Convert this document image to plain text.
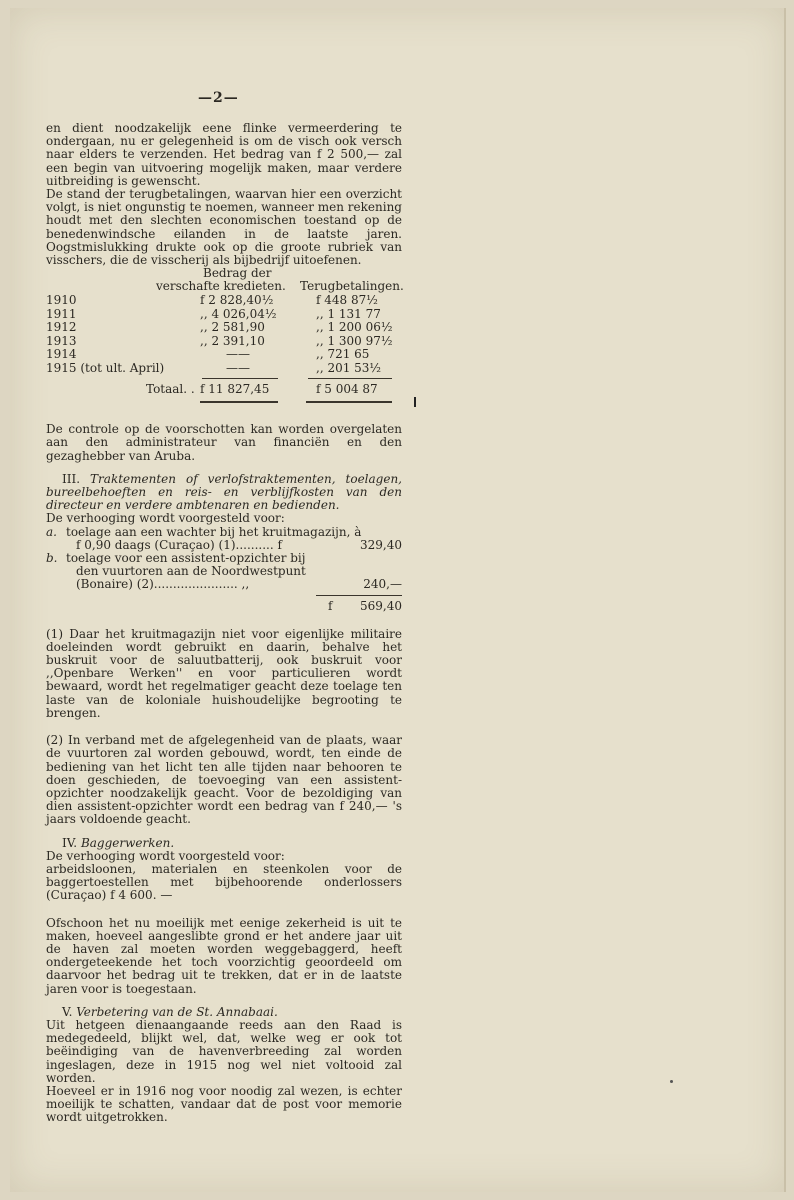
—2—

en dient noodzakelijk eene flinke vermeerdering te ondergaan, nu er gelegenheid is om de visch ook versch naar elders te verzenden. Het bedrag van f 2 500,— zal een begin van uitvoering mogelijk maken, maar verdere uitbreiding is gewenscht.

De stand der terugbetalingen, waarvan hier een overzicht volgt, is niet ongunstig te noemen, wanneer men rekening houdt met den slechten economischen toestand op de benedenwindsche eilanden in de laatste jaren. Oogstmislukking drukte ook op die groote rubriek van visschers, die de visscherij als bijbedrijf uitoefenen.

Bedrag der
verschafte kredieten. Terugbetalingen.
1910	f 2 828,40½	f 448 87½
1911	,, 4 026,04½	,, 1 131 77
1912	,, 2 581,90	,, 1 200 06½
1913	,, 2 391,10	,, 1 300 97½
1914	——	,, 721 65
1915 (tot ult. April)	——	,, 201 53½
Totaal. . f 11 827,45	f 5 004 87

De controle op de voorschotten kan worden overgelaten aan den administrateur van financiën en den gezaghebber van Aruba.

III. Traktementen of verlofstraktementen, toelagen, bureelbehoeften en reis- en verblijfkosten van den directeur en verdere ambtenaren en bedienden.

De verhooging wordt voorgesteld voor:

a. toelage aan een wachter bij het kruitmagazijn, à
f 0,90 daags (Curaçao) (1).......... f	329,40
b. toelage voor een assistent-opzichter bij
den vuurtoren aan de Noordwestpunt
(Bonaire) (2)...................... ,,	240,—
f 569,40

(1) Daar het kruitmagazijn niet voor eigenlijke militaire doeleinden wordt gebruikt en daarin, behalve het buskruit voor de saluutbatterij, ook buskruit voor ,,Openbare Werken'' en voor particulieren wordt bewaard, wordt het regelmatiger geacht deze toelage ten laste van de koloniale huishoudelijke begrooting te brengen.

(2) In verband met de afgelegenheid van de plaats, waar de vuurtoren zal worden gebouwd, wordt, ten einde de bediening van het licht ten alle tijden naar behooren te doen geschieden, de toevoeging van een assistent-opzichter noodzakelijk geacht. Voor de bezoldiging van dien assistent-opzichter wordt een bedrag van f 240,— 's jaars voldoende geacht.

IV. Baggerwerken.

De verhooging wordt voorgesteld voor:

arbeidsloonen, materialen en steenkolen voor de baggertoestellen met bijbehoorende onderlossers (Curaçao) f 4 600. —

Ofschoon het nu moeilijk met eenige zekerheid is uit te maken, hoeveel aangeslibte grond er het andere jaar uit de haven zal moeten worden weggebaggerd, heeft ondergeteekende het toch voorzichtig geoordeeld om daarvoor het bedrag uit te trekken, dat er in de laatste jaren voor is toegestaan.

V. Verbetering van de St. Annabaai.

Uit hetgeen dienaangaande reeds aan den Raad is medegedeeld, blijkt wel, dat, welke weg er ook tot beëindiging van de havenverbreeding zal worden ingeslagen, deze in 1915 nog wel niet voltooid zal worden.

Hoeveel er in 1916 nog voor noodig zal wezen, is echter moeilijk te schatten, vandaar dat de post voor memorie wordt uitgetrokken.
